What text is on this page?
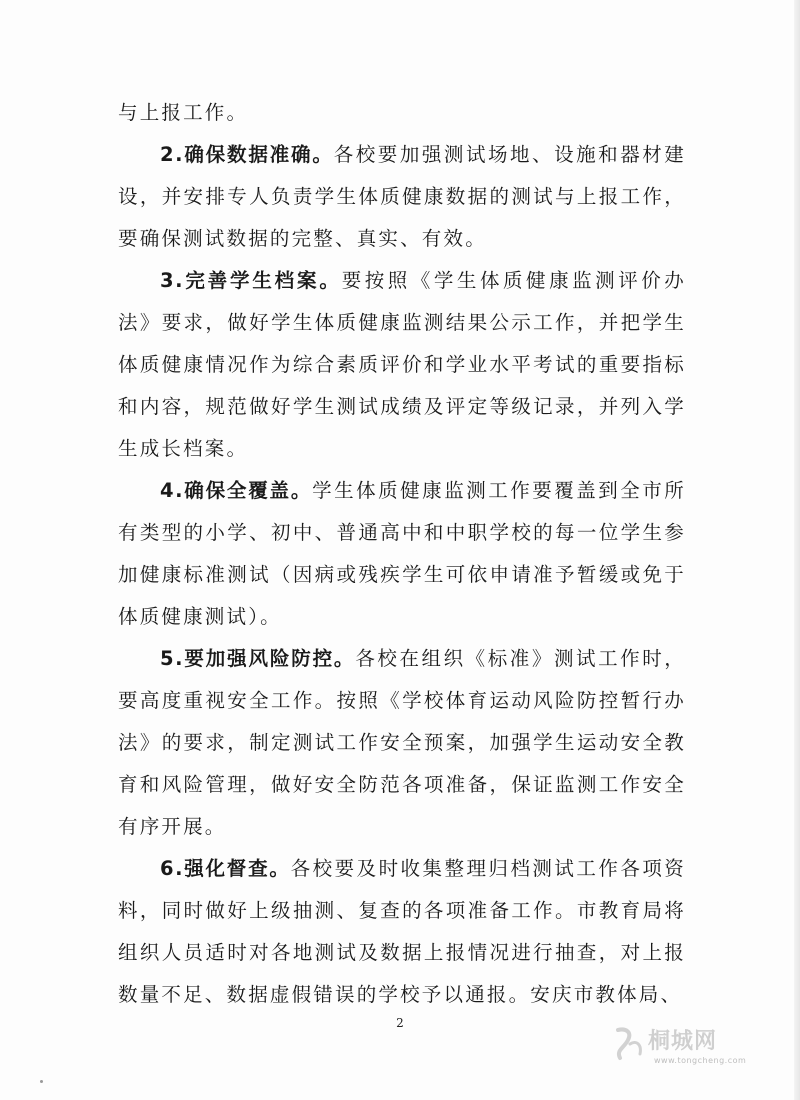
与上报工作。

2.确保数据准确。各校要加强测试场地、设施和器材建设，并安排专人负责学生体质健康数据的测试与上报工作，要确保测试数据的完整、真实、有效。

3.完善学生档案。要按照《学生体质健康监测评价办法》要求，做好学生体质健康监测结果公示工作，并把学生体质健康情况作为综合素质评价和学业水平考试的重要指标和内容，规范做好学生测试成绩及评定等级记录，并列入学生成长档案。

4.确保全覆盖。学生体质健康监测工作要覆盖到全市所有类型的小学、初中、普通高中和中职学校的每一位学生参加健康标准测试（因病或残疾学生可依申请准予暂缓或免于体质健康测试）。

5.要加强风险防控。各校在组织《标准》测试工作时，要高度重视安全工作。按照《学校体育运动风险防控暂行办法》的要求，制定测试工作安全预案，加强学生运动安全教育和风险管理，做好安全防范各项准备，保证监测工作安全有序开展。

6.强化督查。各校要及时收集整理归档测试工作各项资料，同时做好上级抽测、复查的各项准备工作。市教育局将组织人员适时对各地测试及数据上报情况进行抽查，对上报数量不足、数据虚假错误的学校予以通报。安庆市教体局、

2
桐城网
www.tongcheng.com
